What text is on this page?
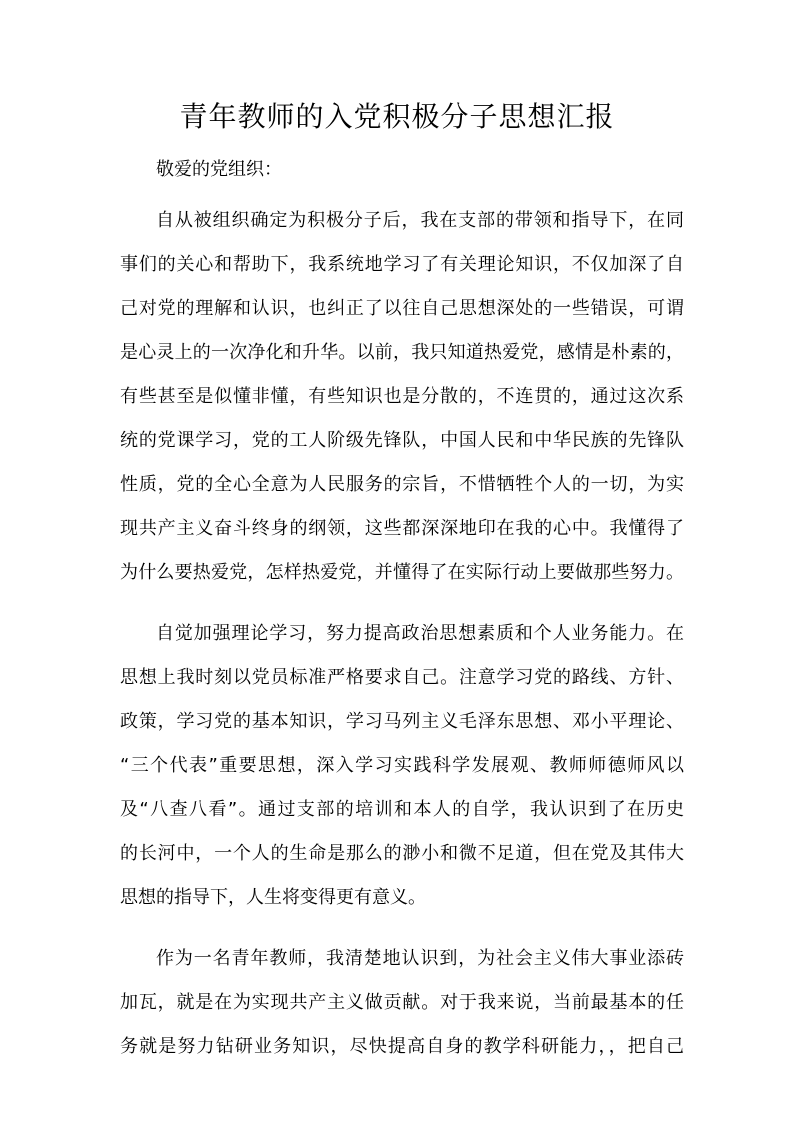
青年教师的入党积极分子思想汇报
敬爱的党组织：
自从被组织确定为积极分子后，我在支部的带领和指导下，在同
事们的关心和帮助下，我系统地学习了有关理论知识，不仅加深了自
己对党的理解和认识，也纠正了以往自己思想深处的一些错误，可谓
是心灵上的一次净化和升华。以前，我只知道热爱党，感情是朴素的，
有些甚至是似懂非懂，有些知识也是分散的，不连贯的，通过这次系
统的党课学习，党的工人阶级先锋队，中国人民和中华民族的先锋队
性质，党的全心全意为人民服务的宗旨，不惜牺牲个人的一切，为实
现共产主义奋斗终身的纲领，这些都深深地印在我的心中。我懂得了
为什么要热爱党，怎样热爱党，并懂得了在实际行动上要做那些努力。
自觉加强理论学习，努力提高政治思想素质和个人业务能力。在
思想上我时刻以党员标准严格要求自己。注意学习党的路线、方针、
政策，学习党的基本知识，学习马列主义毛泽东思想、邓小平理论、
“三个代表”重要思想，深入学习实践科学发展观、教师师德师风以
及“八查八看”。通过支部的培训和本人的自学，我认识到了在历史
的长河中，一个人的生命是那么的渺小和微不足道，但在党及其伟大
思想的指导下，人生将变得更有意义。
作为一名青年教师，我清楚地认识到，为社会主义伟大事业添砖
加瓦，就是在为实现共产主义做贡献。对于我来说，当前最基本的任
务就是努力钻研业务知识，尽快提高自身的教学科研能力，，把自己
